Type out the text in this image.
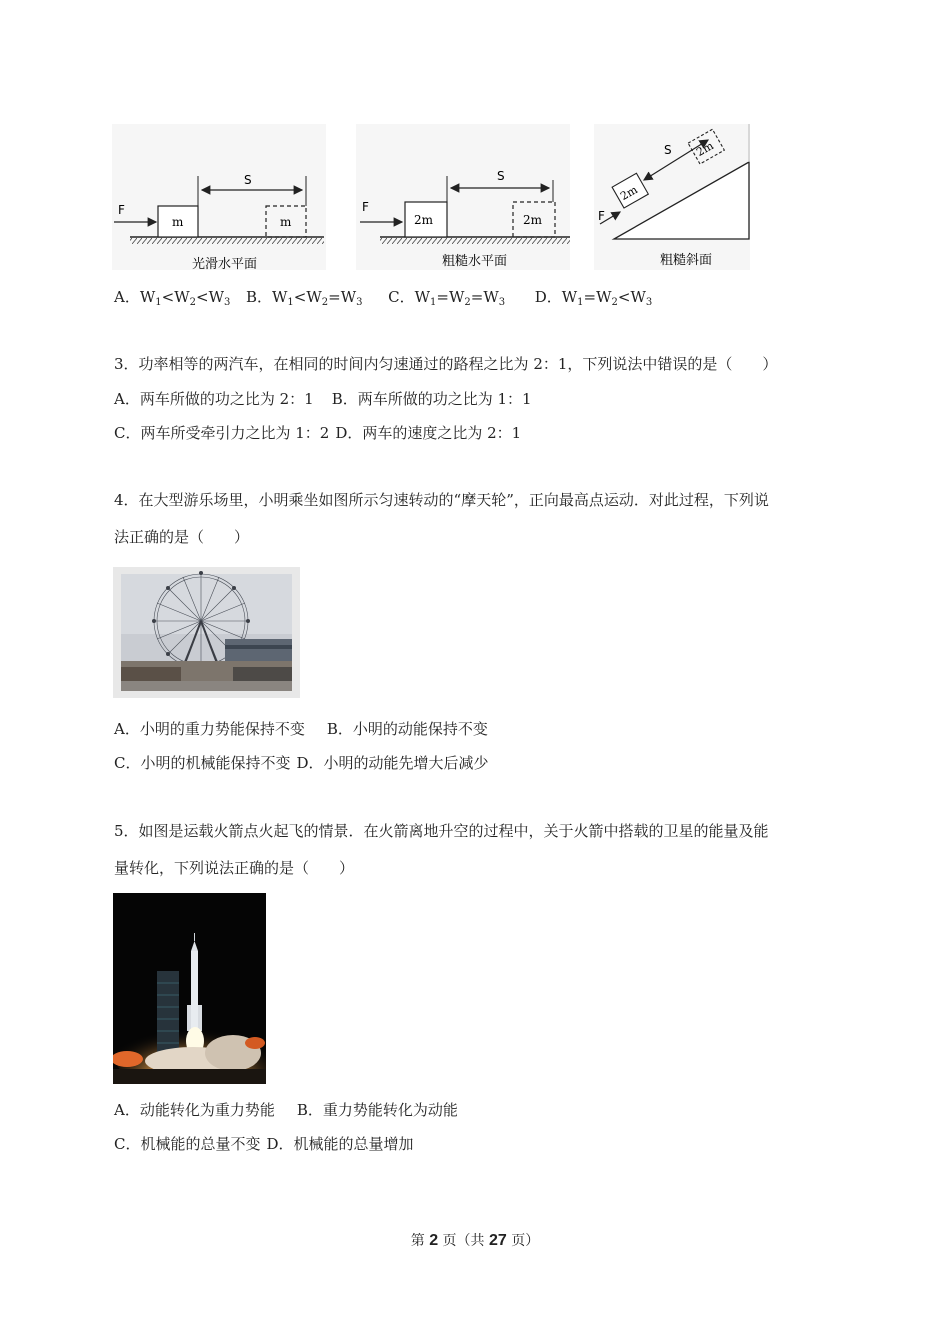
F
m	m
S
光滑水平面
F
2m	2m
S
粗糙水平面
F
2m
2m
S
粗糙斜面
A．$W_1<W_2<W_3$ B．$W_1<W_2=W_3$ C．$W_1=W_2=W_3$ D．$W_1=W_2<W_3$
3．功率相等的两汽车，在相同的时间内匀速通过的路程之比为 2：1，下列说法中错误的是（　　）
A．两车所做的功之比为 2：1 B．两车所做的功之比为 1：1
C．两车所受牵引力之比为 1：2 D．两车的速度之比为 2：1
4．在大型游乐场里，小明乘坐如图所示匀速转动的“摩天轮”，正向最高点运动．对此过程，下列说
法正确的是（　　）
A．小明的重力势能保持不变 B．小明的动能保持不变
C．小明的机械能保持不变 D．小明的动能先增大后减少
5．如图是运载火箭点火起飞的情景．在火箭离地升空的过程中，关于火箭中搭载的卫星的能量及能
量转化，下列说法正确的是（　　）
A．动能转化为重力势能 B．重力势能转化为动能
C．机械能的总量不变 D．机械能的总量增加
第 2 页（共 27 页）
